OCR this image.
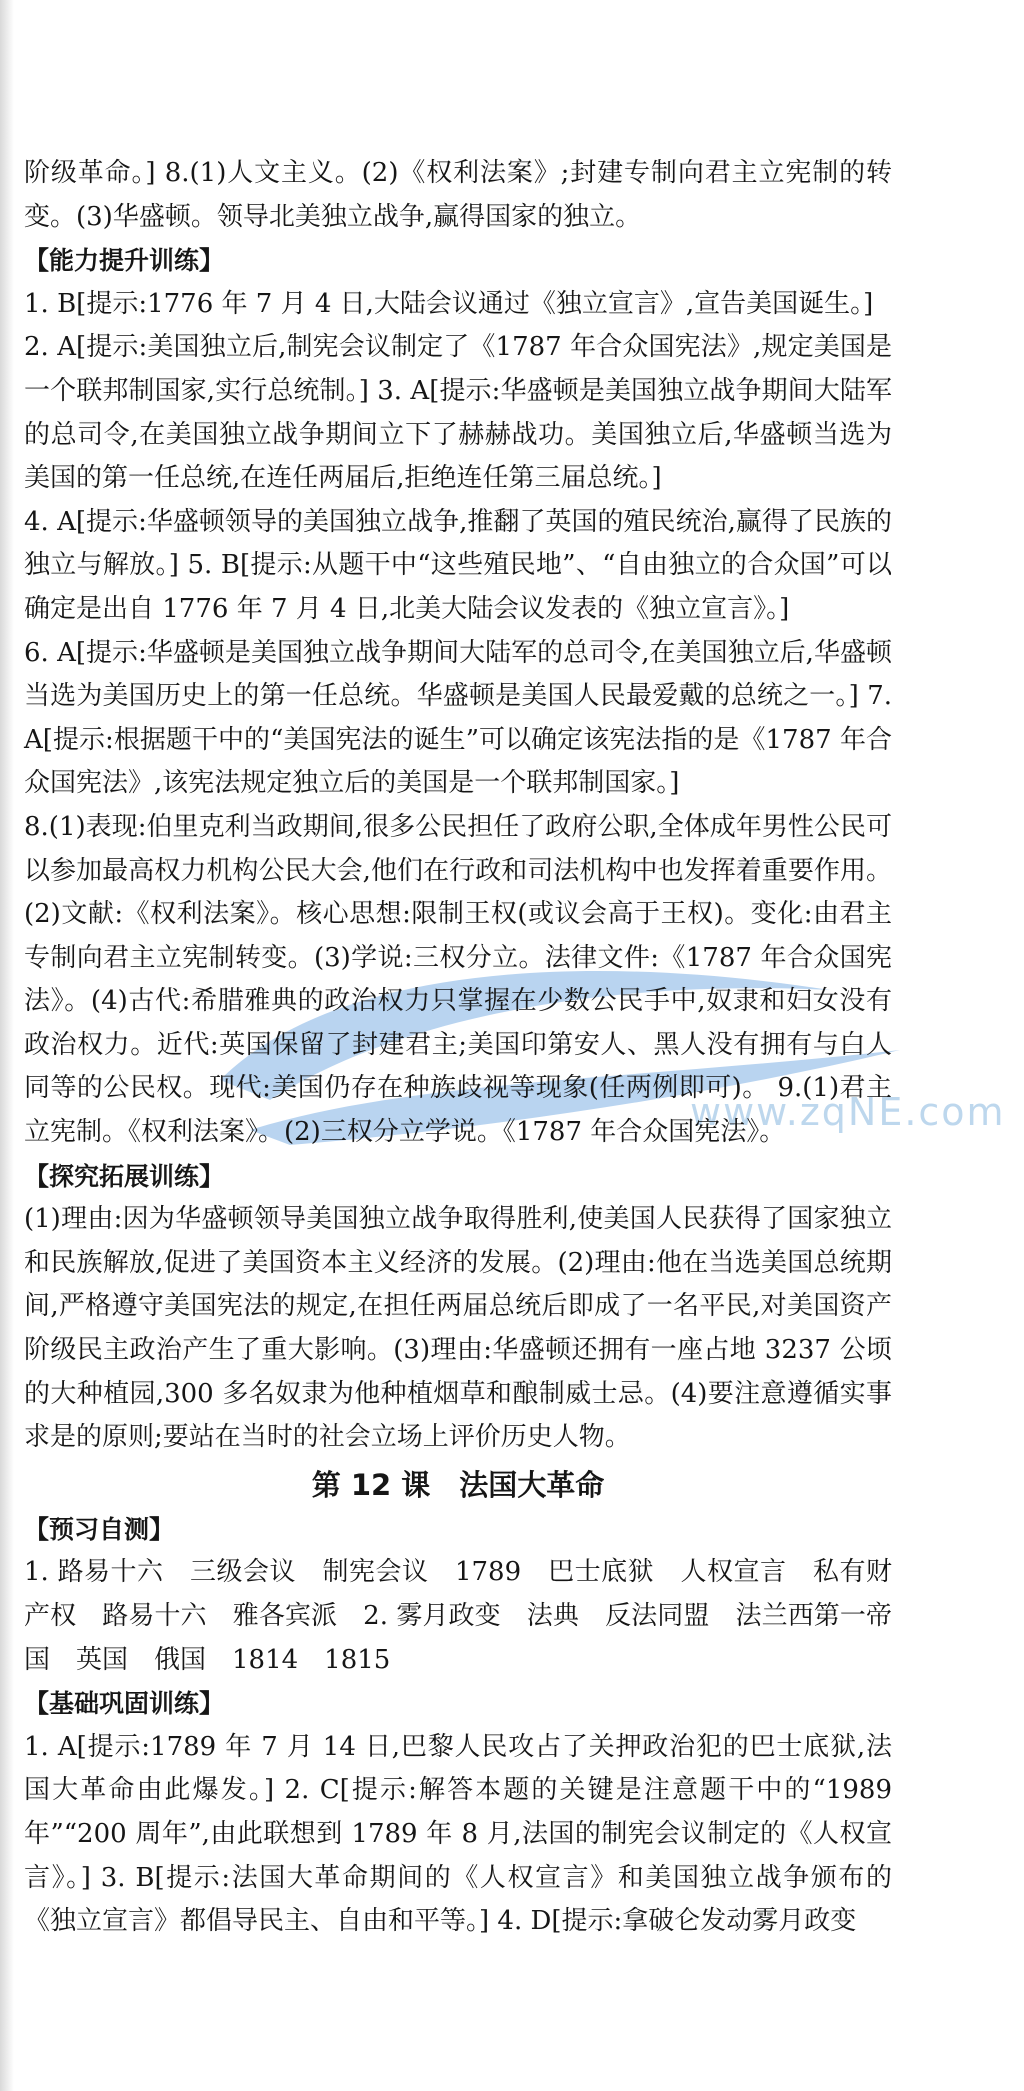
www.zqNE.com

阶级革命。] 8.(1)人文主义。(2)《权利法案》;封建专制向君主立宪制的转变。(3)华盛顿。领导北美独立战争,赢得国家的独立。

【能力提升训练】

1. B[提示:1776 年 7 月 4 日,大陆会议通过《独立宣言》,宣告美国诞生。]

2. A[提示:美国独立后,制宪会议制定了《1787 年合众国宪法》,规定美国是一个联邦制国家,实行总统制。] 3. A[提示:华盛顿是美国独立战争期间大陆军的总司令,在美国独立战争期间立下了赫赫战功。美国独立后,华盛顿当选为美国的第一任总统,在连任两届后,拒绝连任第三届总统。]

4. A[提示:华盛顿领导的美国独立战争,推翻了英国的殖民统治,赢得了民族的独立与解放。] 5. B[提示:从题干中“这些殖民地”、“自由独立的合众国”可以确定是出自 1776 年 7 月 4 日,北美大陆会议发表的《独立宣言》。]

6. A[提示:华盛顿是美国独立战争期间大陆军的总司令,在美国独立后,华盛顿当选为美国历史上的第一任总统。华盛顿是美国人民最爱戴的总统之一。] 7. A[提示:根据题干中的“美国宪法的诞生”可以确定该宪法指的是《1787 年合众国宪法》,该宪法规定独立后的美国是一个联邦制国家。]

8.(1)表现:伯里克利当政期间,很多公民担任了政府公职,全体成年男性公民可以参加最高权力机构公民大会,他们在行政和司法机构中也发挥着重要作用。(2)文献:《权利法案》。核心思想:限制王权(或议会高于王权)。变化:由君主专制向君主立宪制转变。(3)学说:三权分立。法律文件:《1787 年合众国宪法》。(4)古代:希腊雅典的政治权力只掌握在少数公民手中,奴隶和妇女没有政治权力。近代:英国保留了封建君主;美国印第安人、黑人没有拥有与白人同等的公民权。现代:美国仍存在种族歧视等现象(任两例即可)。 9.(1)君主立宪制。《权利法案》。(2)三权分立学说。《1787 年合众国宪法》。

【探究拓展训练】

(1)理由:因为华盛顿领导美国独立战争取得胜利,使美国人民获得了国家独立和民族解放,促进了美国资本主义经济的发展。(2)理由:他在当选美国总统期间,严格遵守美国宪法的规定,在担任两届总统后即成了一名平民,对美国资产阶级民主政治产生了重大影响。(3)理由:华盛顿还拥有一座占地 3237 公顷的大种植园,300 多名奴隶为他种植烟草和酿制威士忌。(4)要注意遵循实事求是的原则;要站在当时的社会立场上评价历史人物。

第 12 课　法国大革命

【预习自测】

1. 路易十六　三级会议　制宪会议　1789　巴士底狱　人权宣言　私有财产权　路易十六　雅各宾派　2. 雾月政变　法典　反法同盟　法兰西第一帝国　英国　俄国　1814　1815

【基础巩固训练】

1. A[提示:1789 年 7 月 14 日,巴黎人民攻占了关押政治犯的巴士底狱,法国大革命由此爆发。] 2. C[提示:解答本题的关键是注意题干中的“1989 年”“200 周年”,由此联想到 1789 年 8 月,法国的制宪会议制定的《人权宣言》。] 3. B[提示:法国大革命期间的《人权宣言》和美国独立战争颁布的《独立宣言》都倡导民主、自由和平等。] 4. D[提示:拿破仑发动雾月政变
